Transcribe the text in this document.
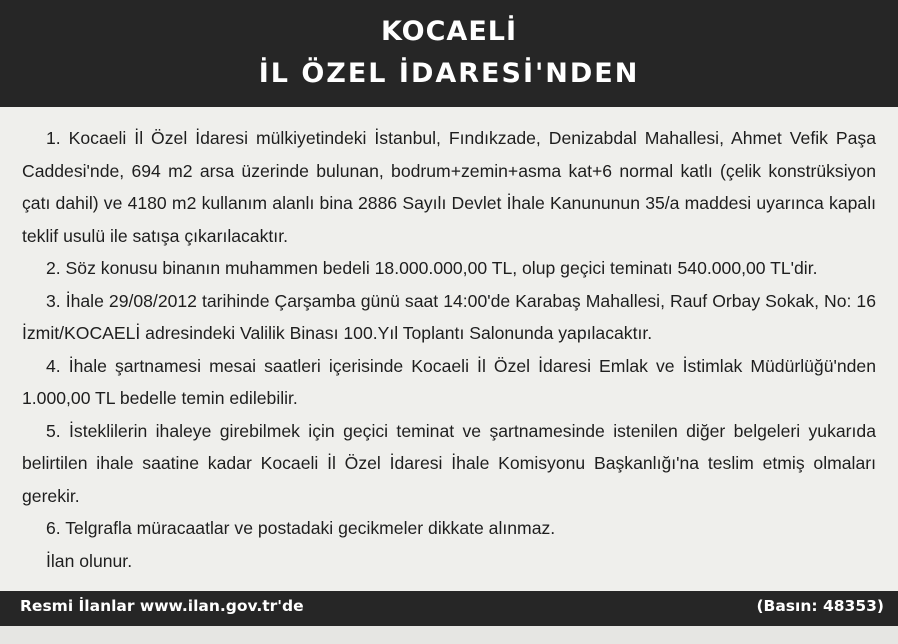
KOCAELİ
İL ÖZEL İDARESİ'NDEN

1. Kocaeli İl Özel İdaresi mülkiyetindeki İstanbul, Fındıkzade, Denizabdal Mahallesi, Ahmet Vefik Paşa Caddesi'nde, 694 m2 arsa üzerinde bulunan, bodrum+zemin+asma kat+6 normal katlı (çelik konstrüksiyon çatı dahil) ve 4180 m2 kullanım alanlı bina 2886 Sayılı Devlet İhale Kanununun 35/a maddesi uyarınca kapalı teklif usulü ile satışa çıkarılacaktır.

2. Söz konusu binanın muhammen bedeli 18.000.000,00 TL, olup geçici teminatı 540.000,00 TL'dir.

3. İhale 29/08/2012 tarihinde Çarşamba günü saat 14:00'de Karabaş Mahallesi, Rauf Orbay Sokak, No: 16 İzmit/KOCAELİ adresindeki Valilik Binası 100.Yıl Toplantı Salonunda yapılacaktır.

4. İhale şartnamesi mesai saatleri içerisinde Kocaeli İl Özel İdaresi Emlak ve İstimlak Müdürlüğü'nden 1.000,00 TL bedelle temin edilebilir.

5. İsteklilerin ihaleye girebilmek için geçici teminat ve şartnamesinde istenilen diğer belgeleri yukarıda belirtilen ihale saatine kadar Kocaeli İl Özel İdaresi İhale Komisyonu Başkanlığı'na teslim etmiş olmaları gerekir.

6. Telgrafla müracaatlar ve postadaki gecikmeler dikkate alınmaz.

İlan olunur.

Resmi İlanlar www.ilan.gov.tr'de	(Basın: 48353)
